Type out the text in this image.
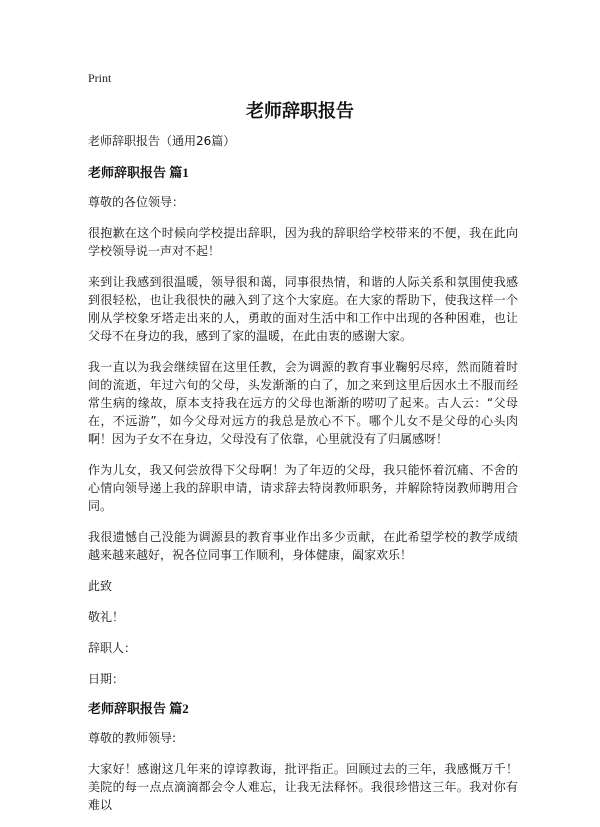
Print
老师辞职报告
老师辞职报告（通用26篇）
老师辞职报告 篇1

尊敬的各位领导：

很抱歉在这个时候向学校提出辞职，因为我的辞职给学校带来的不便，我在此向学校领导说一声对不起！

来到让我感到很温暖，领导很和蔼，同事很热情，和谐的人际关系和氛围使我感到很轻松，也让我很快的融入到了这个大家庭。在大家的帮助下，使我这样一个刚从学校象牙塔走出来的人，勇敢的面对生活中和工作中出现的各种困难，也让父母不在身边的我，感到了家的温暖，在此由衷的感谢大家。

我一直以为我会继续留在这里任教，会为调源的教育事业鞠躬尽瘁，然而随着时间的流逝，年过六旬的父母，头发渐渐的白了，加之来到这里后因水土不服而经常生病的缘故，原本支持我在远方的父母也渐渐的唠叨了起来。古人云：“父母在，不远游”，如今父母对远方的我总是放心不下。哪个儿女不是父母的心头肉啊！因为子女不在身边，父母没有了依靠，心里就没有了归属感呀！

作为儿女，我又何尝放得下父母啊！为了年迈的父母，我只能怀着沉痛、不舍的心情向领导递上我的辞职申请，请求辞去特岗教师职务，并解除特岗教师聘用合同。

我很遗憾自己没能为调源县的教育事业作出多少贡献，在此希望学校的教学成绩越来越来越好，祝各位同事工作顺利，身体健康，阖家欢乐！

此致

敬礼！

辞职人：

日期：

老师辞职报告 篇2

尊敬的教师领导:

大家好！感谢这几年来的谆谆教诲，批评指正。回顾过去的三年，我感慨万千！美院的每一点点滴滴都会令人难忘，让我无法释怀。我很珍惜这三年。我对你有难以
